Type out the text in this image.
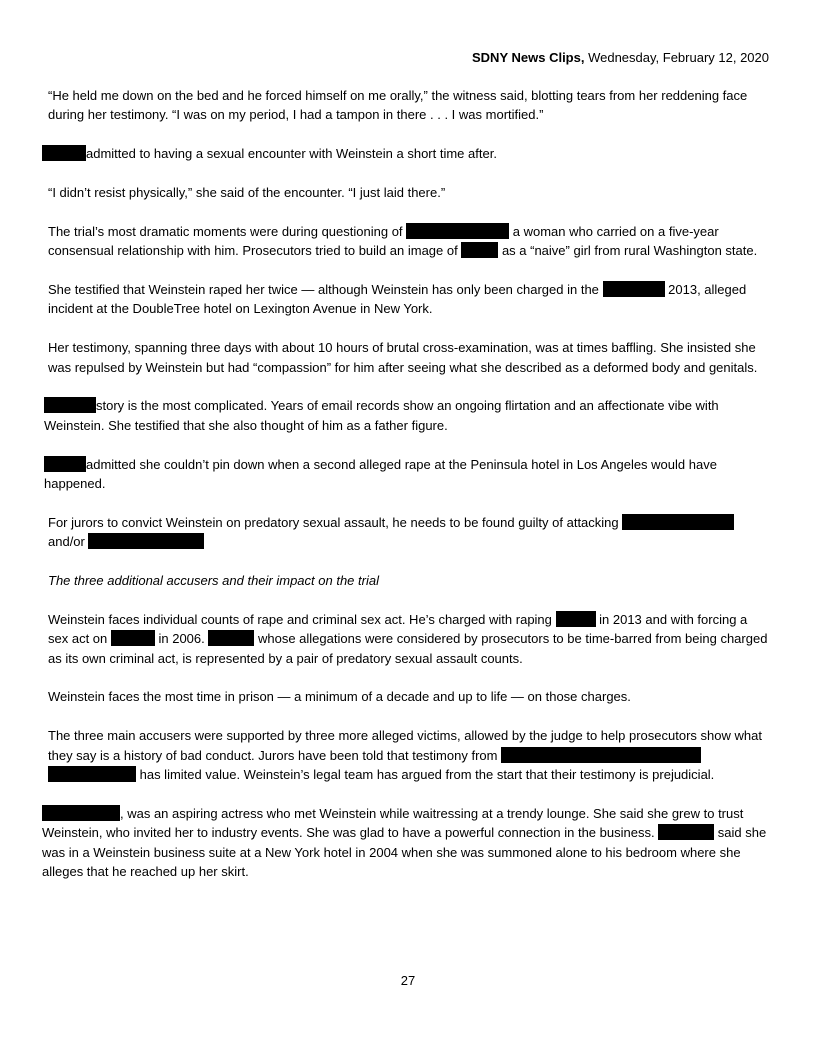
SDNY News Clips, Wednesday, February 12, 2020

“He held me down on the bed and he forced himself on me orally,” the witness said, blotting tears from her reddening face during her testimony. “I was on my period, I had a tampon in there . . . I was mortified.”

admitted to having a sexual encounter with Weinstein a short time after.

“I didn’t resist physically,” she said of the encounter. “I just laid there.”

The trial’s most dramatic moments were during questioning of	a woman who carried on a five-year consensual relationship with him. Prosecutors tried to build an image of	as a “naive” girl from rural Washington state.

She testified that Weinstein raped her twice — although Weinstein has only been charged in the	2013, alleged incident at the DoubleTree hotel on Lexington Avenue in New York.

Her testimony, spanning three days with about 10 hours of brutal cross-examination, was at times baffling. She insisted she was repulsed by Weinstein but had “compassion” for him after seeing what she described as a deformed body and genitals.

story is the most complicated. Years of email records show an ongoing flirtation and an affectionate vibe with Weinstein. She testified that she also thought of him as a father figure.

admitted she couldn’t pin down when a second alleged rape at the Peninsula hotel in Los Angeles would have happened.

For jurors to convict Weinstein on predatory sexual assault, he needs to be found guilty of attacking  and/or

The three additional accusers and their impact on the trial

Weinstein faces individual counts of rape and criminal sex act. He’s charged with raping	in 2013 and with forcing a sex act on	in 2006.	whose allegations were considered by prosecutors to be time-barred from being charged as its own criminal act, is represented by a pair of predatory sexual assault counts.

Weinstein faces the most time in prison — a minimum of a decade and up to life — on those charges.

The three main accusers were supported by three more alleged victims, allowed by the judge to help prosecutors show what they say is a history of bad conduct. Jurors have been told that testimony from  has limited value. Weinstein’s legal team has argued from the start that their testimony is prejudicial.

, was an aspiring actress who met Weinstein while waitressing at a trendy lounge. She said she grew to trust Weinstein, who invited her to industry events. She was glad to have a powerful connection in the business.	said she was in a Weinstein business suite at a New York hotel in 2004 when she was summoned alone to his bedroom where she alleges that he reached up her skirt.

27
